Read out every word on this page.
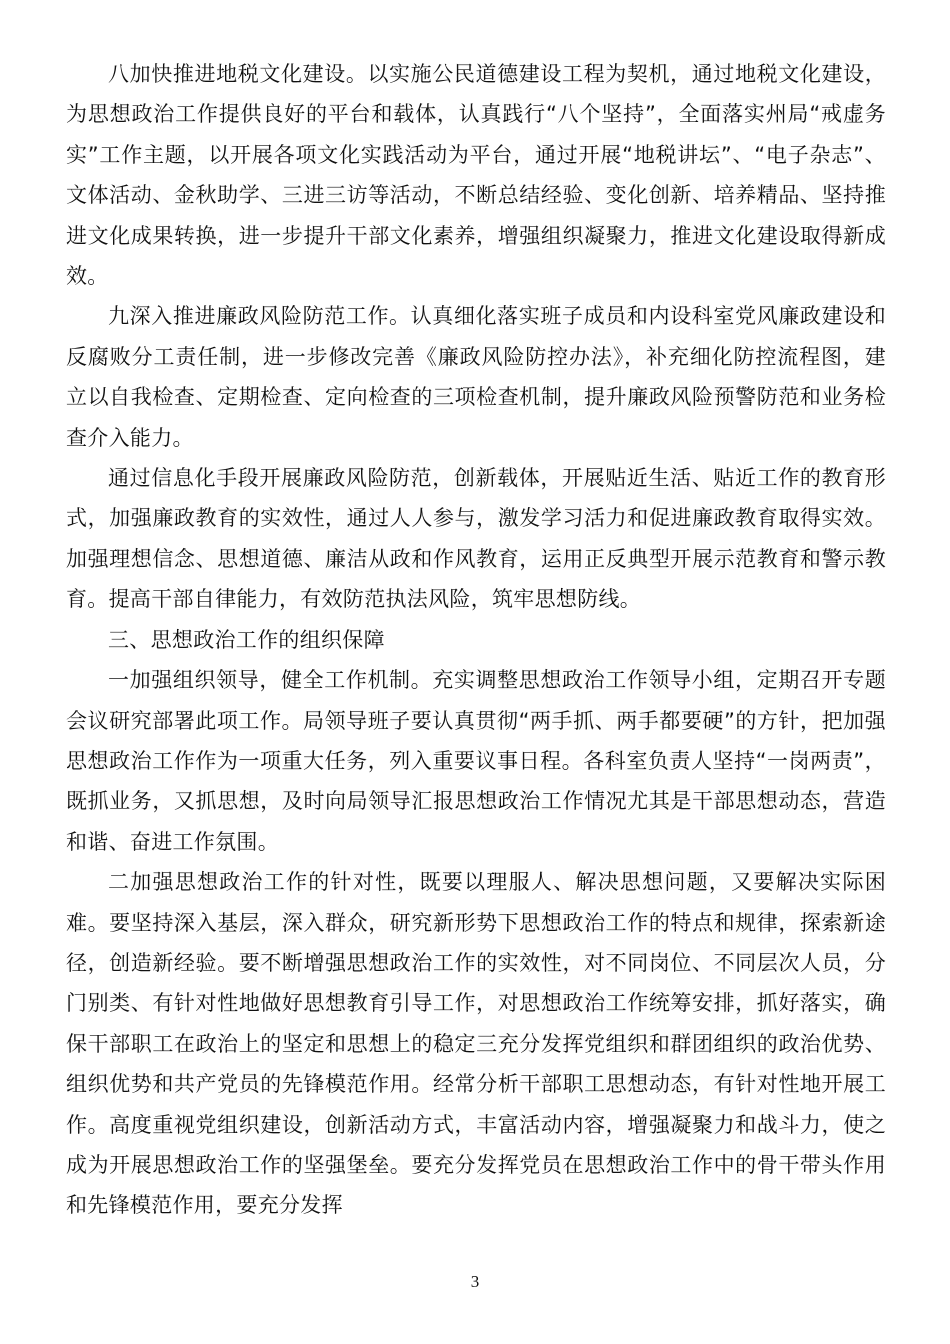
八加快推进地税文化建设。以实施公民道德建设工程为契机，通过地税文化建设，为思想政治工作提供良好的平台和载体，认真践行“八个坚持”，全面落实州局“戒虚务实”工作主题，以开展各项文化实践活动为平台，通过开展“地税讲坛”、“电子杂志”、文体活动、金秋助学、三进三访等活动，不断总结经验、变化创新、培养精品、坚持推进文化成果转换，进一步提升干部文化素养，增强组织凝聚力，推进文化建设取得新成效。

九深入推进廉政风险防范工作。认真细化落实班子成员和内设科室党风廉政建设和反腐败分工责任制，进一步修改完善《廉政风险防控办法》，补充细化防控流程图，建立以自我检查、定期检查、定向检查的三项检查机制，提升廉政风险预警防范和业务检查介入能力。

通过信息化手段开展廉政风险防范，创新载体，开展贴近生活、贴近工作的教育形式，加强廉政教育的实效性，通过人人参与，激发学习活力和促进廉政教育取得实效。加强理想信念、思想道德、廉洁从政和作风教育，运用正反典型开展示范教育和警示教育。提高干部自律能力，有效防范执法风险，筑牢思想防线。

三、思想政治工作的组织保障

一加强组织领导，健全工作机制。充实调整思想政治工作领导小组，定期召开专题会议研究部署此项工作。局领导班子要认真贯彻“两手抓、两手都要硬”的方针，把加强思想政治工作作为一项重大任务，列入重要议事日程。各科室负责人坚持“一岗两责”，既抓业务，又抓思想，及时向局领导汇报思想政治工作情况尤其是干部思想动态，营造和谐、奋进工作氛围。

二加强思想政治工作的针对性，既要以理服人、解决思想问题，又要解决实际困难。要坚持深入基层，深入群众，研究新形势下思想政治工作的特点和规律，探索新途径，创造新经验。要不断增强思想政治工作的实效性，对不同岗位、不同层次人员，分门别类、有针对性地做好思想教育引导工作，对思想政治工作统筹安排，抓好落实，确保干部职工在政治上的坚定和思想上的稳定三充分发挥党组织和群团组织的政治优势、组织优势和共产党员的先锋模范作用。经常分析干部职工思想动态，有针对性地开展工作。高度重视党组织建设，创新活动方式，丰富活动内容，增强凝聚力和战斗力，使之成为开展思想政治工作的坚强堡垒。要充分发挥党员在思想政治工作中的骨干带头作用和先锋模范作用，要充分发挥

3
